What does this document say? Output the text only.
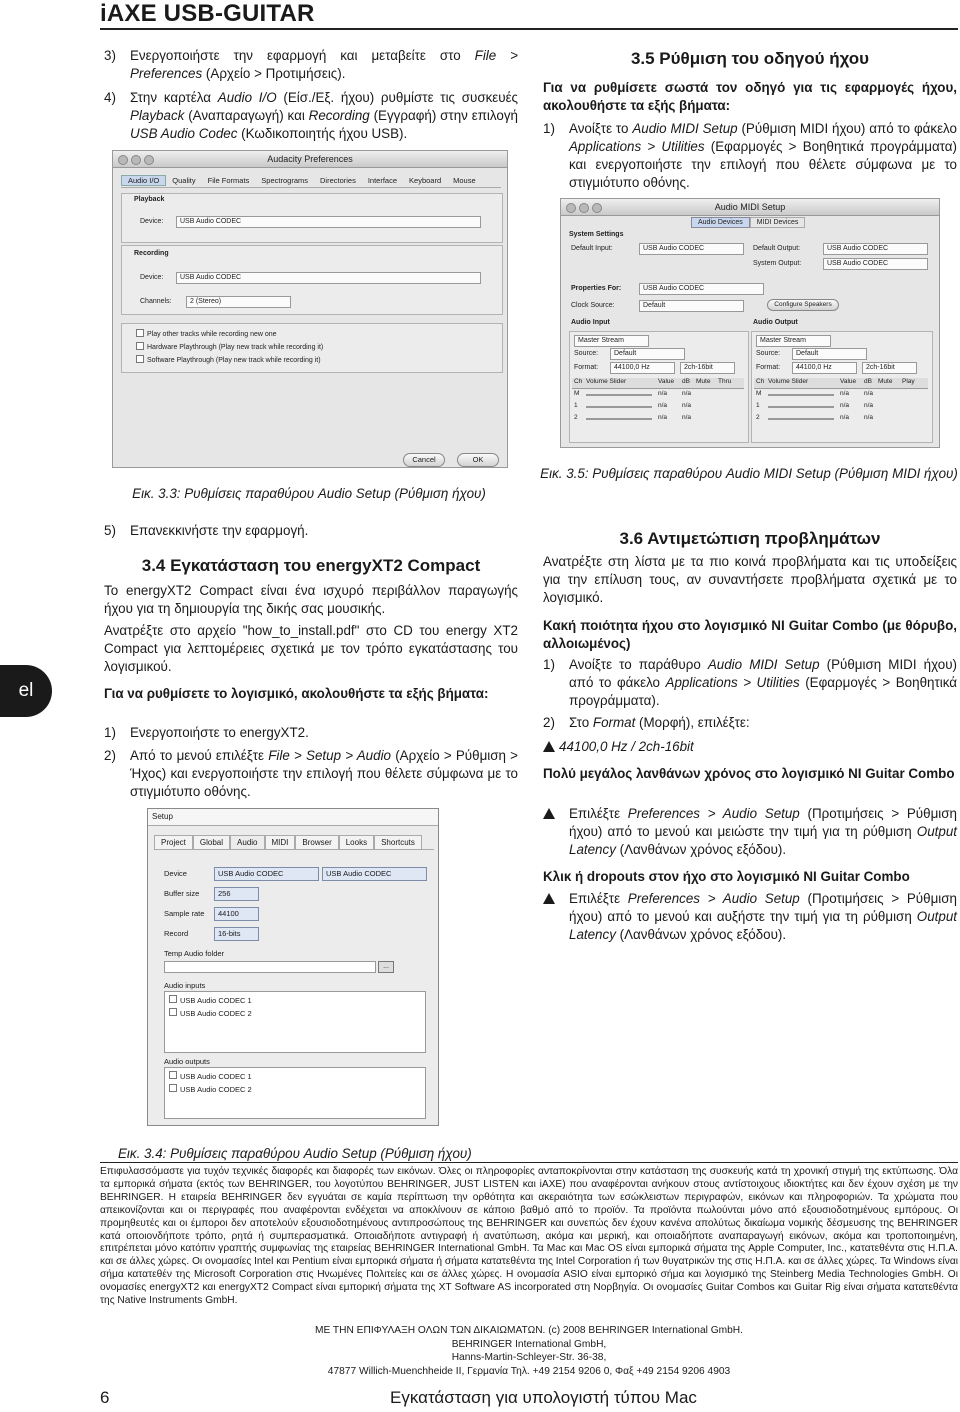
iAXE USB-GUITAR
el
3)	Ενεργοποιήστε την εφαρμογή και μεταβείτε στο File > Preferences (Αρχείο > Προτιμήσεις).
4)	Στην καρτέλα Audio I/O (Είσ./Εξ. ήχου) ρυθμίστε τις συσκευές Playback (Αναπαραγωγή) και Recording (Εγγραφή) στην επιλογή USB Audio Codec (Κωδικοποιητής ήχου USB).
Audacity Preferences
Audio I/O Quality File Formats Spectrograms Directories Interface Keyboard Mouse
Playback
Device:	USB Audio CODEC
Recording
Device:	USB Audio CODEC
Channels:	2 (Stereo)
Play other tracks while recording new one
Hardware Playthrough (Play new track while recording it)
Software Playthrough (Play new track while recording it)
Cancel	OK
Εικ. 3.3: Ρυθμίσεις παραθύρου Audio Setup (Ρύθμιση ήχου)
5)	Επανεκκινήστε την εφαρμογή.
3.4 Εγκατάσταση του energyXT2 Compact
Το energyXT2 Compact είναι ένα ισχυρό περιβάλλον παραγωγής ήχου για τη δημιουργία της δικής σας μουσικής.
Ανατρέξτε στο αρχείο "how_to_install.pdf" στο CD του energy XT2 Compact για λεπτομέρειες σχετικά με τον τρόπο εγκατάστασης του λογισμικού.
Για να ρυθμίσετε το λογισμικό, ακολουθήστε τα εξής βήματα:
1)	Ενεργοποιήστε το energyXT2.
2)	Από το μενού επιλέξτε File > Setup > Audio (Αρχείο > Ρύθμιση > Ήχος) και ενεργοποιήστε την επιλογή που θέλετε σύμφωνα με το στιγμιότυπο οθόνης.
Setup
Project Global Audio MIDI Browser Looks Shortcuts
Device	USB Audio CODEC	USB Audio CODEC
Buffer size	256
Sample rate	44100
Record	16-bits
Temp Audio folder
...
Audio inputs
USB Audio CODEC 1
USB Audio CODEC 2
Audio outputs
USB Audio CODEC 1
USB Audio CODEC 2
Εικ. 3.4: Ρυθμίσεις παραθύρου Audio Setup (Ρύθμιση ήχου)
3.5 Ρύθμιση του οδηγού ήχου
Για να ρυθμίσετε σωστά τον οδηγό για τις εφαρμογές ήχου, ακολουθήστε τα εξής βήματα:
1)	Ανοίξτε το Audio MIDI Setup (Ρύθμιση MIDI ήχου) από το φάκελο Applications > Utilities (Εφαρμογές > Βοηθητικά προγράμματα) και ενεργοποιήστε την επιλογή που θέλετε σύμφωνα με το στιγμιότυπο οθόνης.
Audio MIDI Setup
Audio Devices MIDI Devices
System Settings
Default Input:	USB Audio CODEC	Default Output:	USB Audio CODEC
System Output:	USB Audio CODEC
Properties For:	USB Audio CODEC
Clock Source:	Default	Configure Speakers
Audio Input	Audio Output
Master Stream
Source:	Default
Format:	44100,0 Hz	2ch-16bit
Ch Volume Slider	Value dB Mute Thru
M	n/a n/a
1	n/a n/a
2	n/a n/a
Master Stream
Source:	Default
Format:	44100,0 Hz	2ch-16bit
Ch Volume Slider	Value dB Mute Play
M	n/a n/a
1	n/a n/a
2	n/a n/a
Εικ. 3.5: Ρυθμίσεις παραθύρου Audio MIDI Setup (Ρύθμιση MIDI ήχου)
3.6 Αντιμετώπιση προβλημάτων
Ανατρέξτε στη λίστα με τα πιο κοινά προβλήματα και τις υποδείξεις για την επίλυση τους, αν συναντήσετε προβλήματα σχετικά με το λογισμικό.
Κακή ποιότητα ήχου στο λογισμικό NI Guitar Combo (με θόρυβο, αλλοιωμένος)
1)	Ανοίξτε το παράθυρο Audio MIDI Setup (Ρύθμιση MIDI ήχου) από το φάκελο Applications > Utilities (Εφαρμογές > Βοηθητικά προγράμματα).
2)	Στο Format (Μορφή), επιλέξτε:
44100,0 Hz / 2ch-16bit
Πολύ μεγάλος λανθάνων χρόνος στο λογισμικό NI Guitar Combo
Επιλέξτε Preferences > Audio Setup (Προτιμήσεις > Ρύθμιση ήχου) από το μενού και μειώστε την τιμή για τη ρύθμιση Output Latency (Λανθάνων χρόνος εξόδου).
Κλικ ή dropouts στον ήχο στο λογισμικό NI Guitar Combo
Επιλέξτε Preferences > Audio Setup (Προτιμήσεις > Ρύθμιση ήχου) από το μενού και αυξήστε την τιμή για τη ρύθμιση Output Latency (Λανθάνων χρόνος εξόδου).
Επιφυλασσόμαστε για τυχόν τεχνικές διαφορές και διαφορές των εικόνων. Όλες οι πληροφορίες ανταποκρίνονται στην κατάσταση της συσκευής κατά τη χρονική στιγμή της εκτύπωσης. Όλα τα εμπορικά σήματα (εκτός των BEHRINGER, του λογοτύπου BEHRINGER, JUST LISTEN και iAXE) που αναφέρονται ανήκουν στους αντίστοιχους ιδιοκτήτες και δεν έχουν σχέση με την BEHRINGER. Η εταιρεία BEHRINGER δεν εγγυάται σε καμία περίπτωση την ορθότητα και ακεραιότητα των εσώκλειστων περιγραφών, εικόνων και πληροφοριών. Τα χρώματα που απεικονίζονται και οι περιγραφές που αναφέρονται ενδέχεται να αποκλίνουν σε κάποιο βαθμό από το προϊόν. Τα προϊόντα πωλούνται μόνο από εξουσιοδοτημένους εμπόρους. Οι προμηθευτές και οι έμποροι δεν αποτελούν εξουσιοδοτημένους αντιπροσώπους της BEHRINGER και συνεπώς δεν έχουν κανένα απολύτως δικαίωμα νομικής δέσμευσης της BEHRINGER κατά οποιονδήποτε τρόπο, ρητά ή συμπερασματικά. Οποιαδήποτε αντιγραφή ή ανατύπωση, ακόμα και μερική, και οποιαδήποτε αναπαραγωγή εικόνων, ακόμα και τροποποιημένη, επιτρέπεται μόνο κατόπιν γραπτής συμφωνίας της εταιρείας BEHRINGER International GmbH. Τα Mac και Mac OS είναι εμπορικά σήματα της Apple Computer, Inc., κατατεθέντα στις Η.Π.Α. και σε άλλες χώρες. Οι ονομασίες Intel και Pentium είναι εμπορικά σήματα ή σήματα κατατεθέντα της Intel Corporation ή των θυγατρικών της στις Η.Π.Α. και σε άλλες χώρες. Τα Windows είναι σήμα κατατεθέν της Microsoft Corporation στις Ηνωμένες Πολιτείες και σε άλλες χώρες. Η ονομασία ASIO είναι εμπορικό σήμα και λογισμικό της Steinberg Media Technologies GmbH. Οι ονομασίες energyXT2 και energyXT2 Compact είναι εμπορική σήματα της XT Software AS incorporated στη Νορβηγία. Οι ονομασίες Guitar Combos και Guitar Rig είναι σήματα κατατεθέντα της Native Instruments GmbH.
ΜΕ ΤΗΝ ΕΠΙΦΥΛΑΞΗ ΟΛΩΝ ΤΩΝ ΔΙΚΑΙΩΜΑΤΩΝ. (c) 2008 BEHRINGER International GmbH.
BEHRINGER International GmbH,
Hanns-Martin-Schleyer-Str. 36-38,
47877 Willich-Muenchheide II, Γερμανία Τηλ. +49 2154 9206 0, Φαξ +49 2154 9206 4903
6	Εγκατάσταση για υπολογιστή τύπου Mac
